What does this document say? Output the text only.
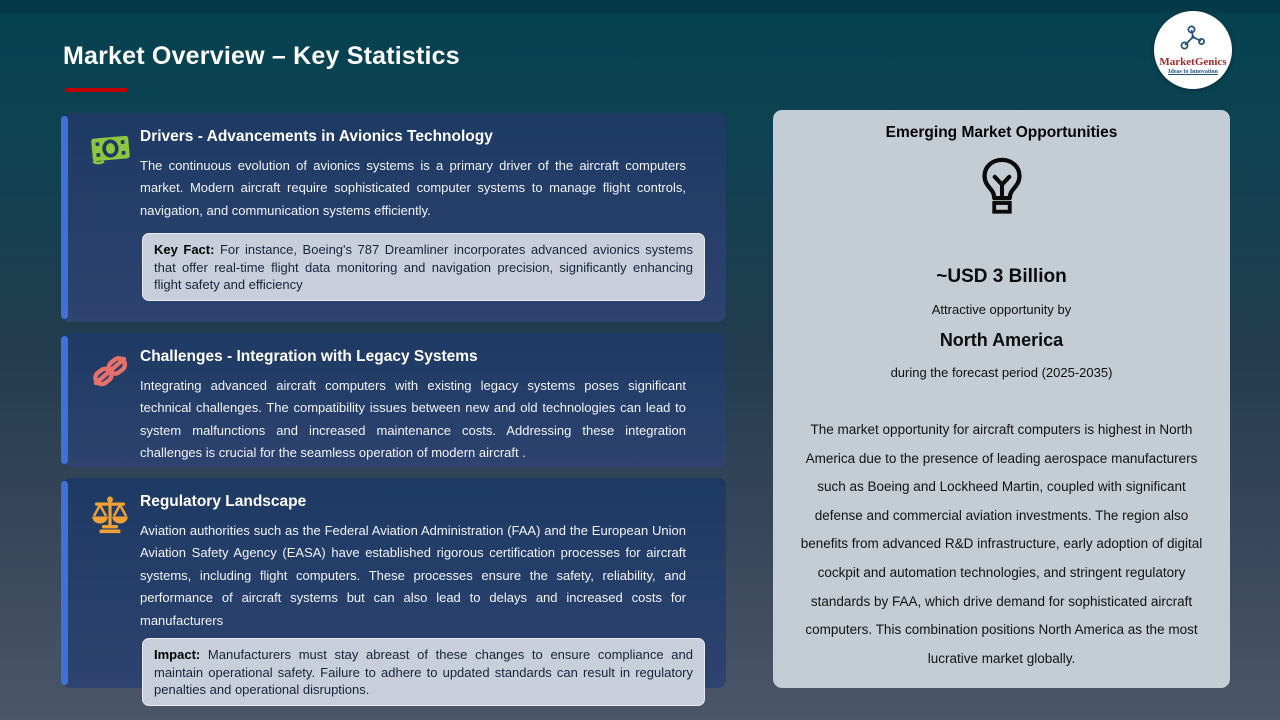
Market Overview – Key Statistics	MarketGenics
Ideas to Innovation
Drivers - Advancements in Avionics Technology
The continuous evolution of avionics systems is a primary driver of the aircraft computers market. Modern aircraft require sophisticated computer systems to manage flight controls, navigation, and communication systems efficiently.
Key Fact: For instance, Boeing's 787 Dreamliner incorporates advanced avionics systems that offer real-time flight data monitoring and navigation precision, significantly enhancing flight safety and efficiency
Challenges - Integration with Legacy Systems
Integrating advanced aircraft computers with existing legacy systems poses significant technical challenges. The compatibility issues between new and old technologies can lead to system malfunctions and increased maintenance costs. Addressing these integration challenges is crucial for the seamless operation of modern aircraft .
Regulatory Landscape
Aviation authorities such as the Federal Aviation Administration (FAA) and the European Union Aviation Safety Agency (EASA) have established rigorous certification processes for aircraft systems, including flight computers. These processes ensure the safety, reliability, and performance of aircraft systems but can also lead to delays and increased costs for manufacturers
Impact: Manufacturers must stay abreast of these changes to ensure compliance and maintain operational safety. Failure to adhere to updated standards can result in regulatory penalties and operational disruptions.
Emerging Market Opportunities
~USD 3 Billion
Attractive opportunity by
North America
during the forecast period (2025-2035)
The market opportunity for aircraft computers is highest in North America due to the presence of leading aerospace manufacturers such as Boeing and Lockheed Martin, coupled with significant defense and commercial aviation investments. The region also benefits from advanced R&D infrastructure, early adoption of digital cockpit and automation technologies, and stringent regulatory standards by FAA, which drive demand for sophisticated aircraft computers. This combination positions North America as the most lucrative market globally.
